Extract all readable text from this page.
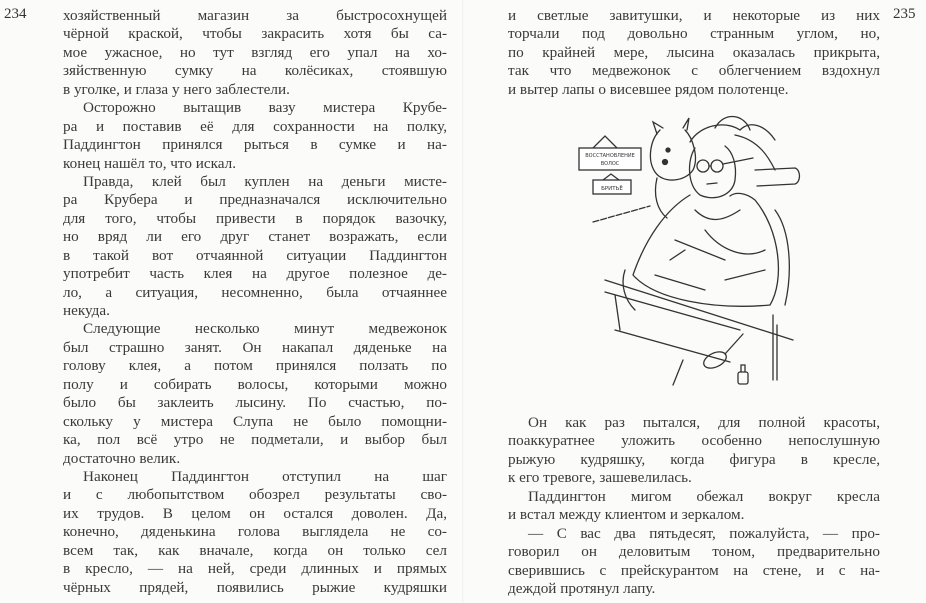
234	235
хозяйственный магазин за быстросохнущей
чёрной краской, чтобы закрасить хотя бы са-
мое ужасное, но тут взгляд его упал на хо-
зяйственную сумку на колёсиках, стоявшую
в уголке, и глаза у него заблестели.
Осторожно вытащив вазу мистера Крубе-
ра и поставив её для сохранности на полку,
Паддингтон принялся рыться в сумке и на-
конец нашёл то, что искал.
Правда, клей был куплен на деньги мисте-
ра Крубера и предназначался исключительно
для того, чтобы привести в порядок вазочку,
но вряд ли его друг станет возражать, если
в такой вот отчаянной ситуации Паддингтон
употребит часть клея на другое полезное де-
ло, а ситуация, несомненно, была отчаяннее
некуда.
Следующие несколько минут медвежонок
был страшно занят. Он накапал дяденьке на
голову клея, а потом принялся ползать по
полу и собирать волосы, которыми можно
было бы заклеить лысину. По счастью, по-
скольку у мистера Слупа не было помощни-
ка, пол всё утро не подметали, и выбор был
достаточно велик.
Наконец Паддингтон отступил на шаг
и с любопытством обозрел результаты сво-
их трудов. В целом он остался доволен. Да,
конечно, дяденькина голова выглядела не со-
всем так, как вначале, когда он только сел
в кресло, — на ней, среди длинных и прямых
чёрных прядей, появились рыжие кудряшки
и светлые завитушки, и некоторые из них
торчали под довольно странным углом, но,
по крайней мере, лысина оказалась прикрыта,
так что медвежонок с облегчением вздохнул
и вытер лапы о висевшее рядом полотенце.
ВОССТАНОВЛЕНИЕ
ВОЛОС
БРИТЬЁ
Он как раз пытался, для полной красоты,
поаккуратнее уложить особенно непослушную
рыжую кудряшку, когда фигура в кресле,
к его тревоге, зашевелилась.
Паддингтон мигом обежал вокруг кресла
и встал между клиентом и зеркалом.
— С вас два пятьдесят, пожалуйста, — про-
говорил он деловитым тоном, предварительно
сверившись с прейскурантом на стене, и с на-
деждой протянул лапу.
